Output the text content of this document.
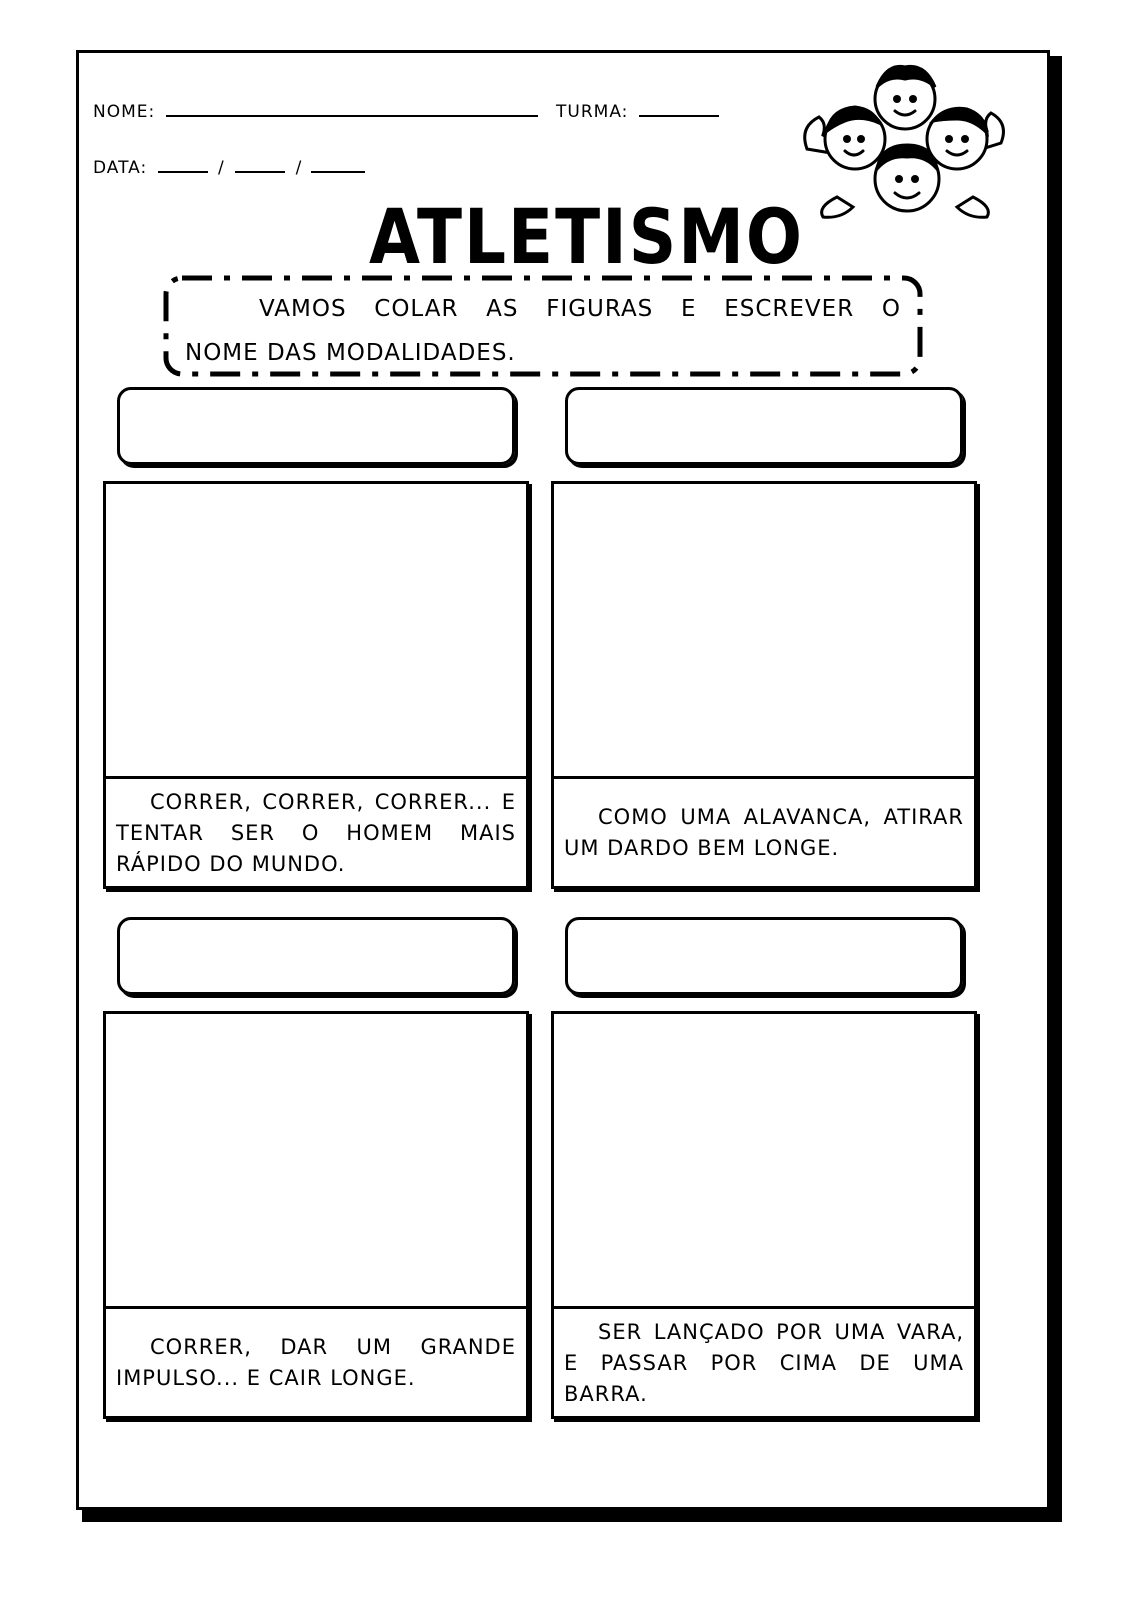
NOME:	TURMA:
DATA:	/	/
ATLETISMO
VAMOS COLAR AS FIGURAS E ESCREVER O
NOME DAS MODALIDADES.
CORRER, CORRER, CORRER... E TENTAR SER O HOMEM MAIS RÁPIDO DO MUNDO.
COMO UMA ALAVANCA, ATIRAR UM DARDO BEM LONGE.
CORRER, DAR UM GRANDE IMPULSO... E CAIR LONGE.
SER LANÇADO POR UMA VARA, E PASSAR POR CIMA DE UMA BARRA.
